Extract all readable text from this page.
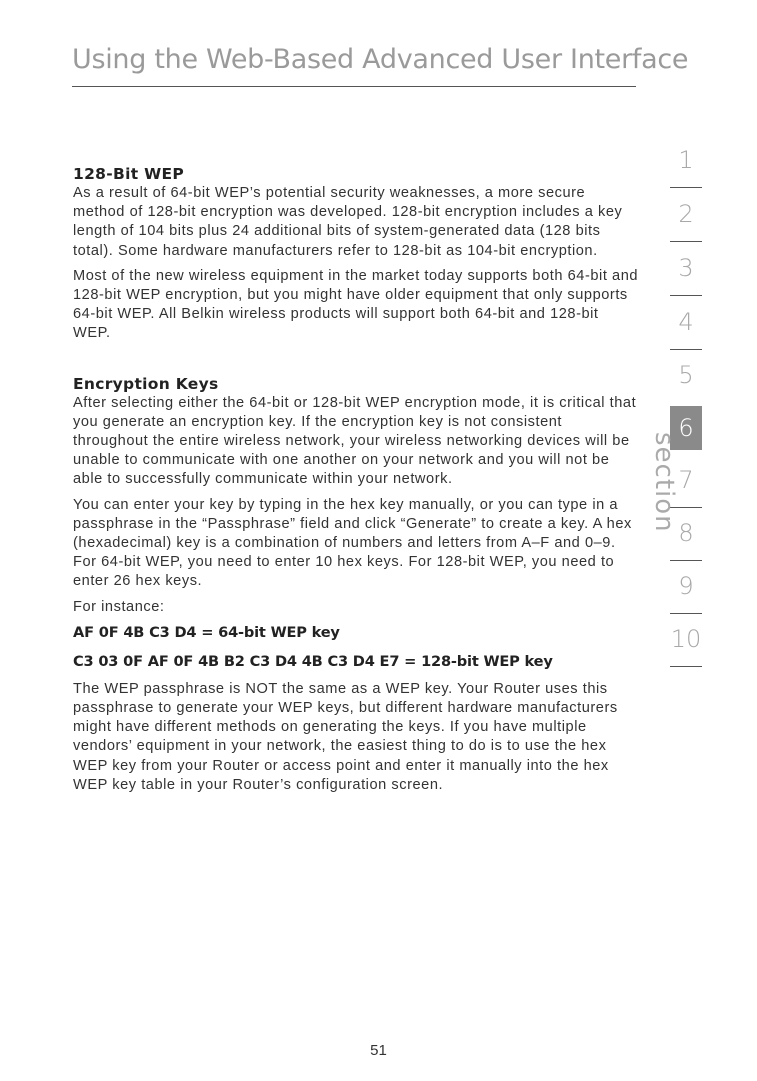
Using the Web-Based Advanced User Interface
128-Bit WEP

As a result of 64-bit WEP’s potential security weaknesses, a more secure method of 128-bit encryption was developed. 128-bit encryption includes a key length of 104 bits plus 24 additional bits of system-generated data (128 bits total). Some hardware manufacturers refer to 128-bit as 104-bit encryption.

Most of the new wireless equipment in the market today supports both 64-bit and 128-bit WEP encryption, but you might have older equipment that only supports 64-bit WEP. All Belkin wireless products will support both 64-bit and 128-bit WEP.

Encryption Keys

After selecting either the 64-bit or 128-bit WEP encryption mode, it is critical that you generate an encryption key. If the encryption key is not consistent throughout the entire wireless network, your wireless networking devices will be unable to communicate with one another on your network and you will not be able to successfully communicate within your network.

You can enter your key by typing in the hex key manually, or you can type in a passphrase in the “Passphrase” field and click “Generate” to create a key. A hex (hexadecimal) key is a combination of numbers and letters from A–F and 0–9. For 64-bit WEP, you need to enter 10 hex keys. For 128-bit WEP, you need to enter 26 hex keys.

For instance:

AF 0F 4B C3 D4 = 64-bit WEP key

C3 03 0F AF 0F 4B B2 C3 D4 4B C3 D4 E7 = 128-bit WEP key

The WEP passphrase is NOT the same as a WEP key. Your Router uses this passphrase to generate your WEP keys, but different hardware manufacturers might have different methods on generating the keys. If you have multiple vendors’ equipment in your network, the easiest thing to do is to use the hex WEP key from your Router or access point and enter it manually into the hex WEP key table in your Router’s configuration screen.

1
2
3
4
5
6
7
8
9
10
section
51
